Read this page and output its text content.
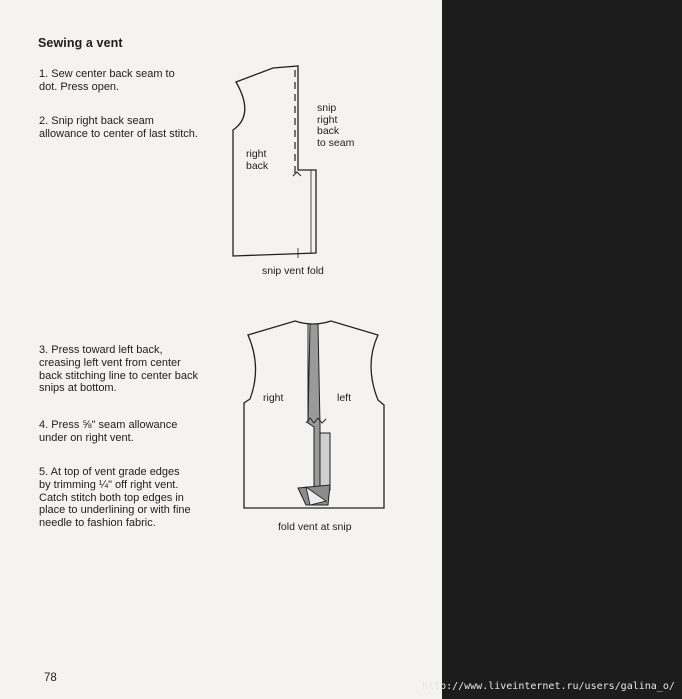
Sewing a vent
1. Sew center back seam to
dot. Press open.
2. Snip right back seam
allowance to center of last stitch.
3. Press toward left back,
creasing left vent from center
back stitching line to center back
snips at bottom.
4. Press ⅝" seam allowance
under on right vent.
5. At top of vent grade edges
by trimming ¼" off right vent.
Catch stitch both top edges in
place to underlining or with fine
needle to fashion fabric.
right
back
snip
right
back
to seam
snip vent fold
right	left
fold vent at snip
78
http://www.liveinternet.ru/users/galina_o/
